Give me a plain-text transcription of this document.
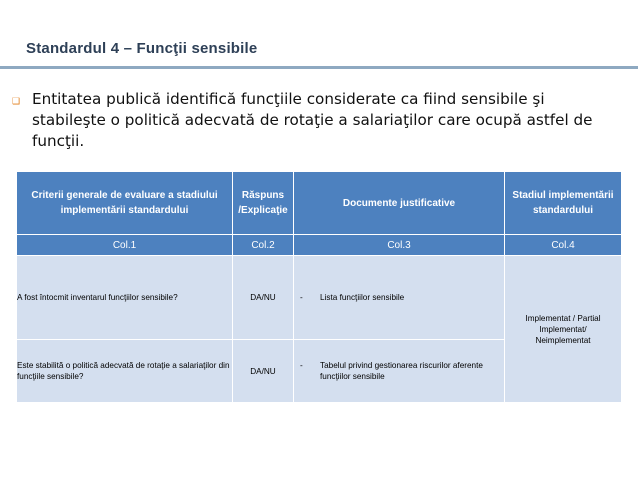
Standardul 4 – Funcţii sensibile
❑ Entitatea publică identifică funcţiile considerate ca fiind sensibile şi stabileşte o politică adecvată de rotaţie a salariaţilor care ocupă astfel de funcţii.

Criterii generale de evaluare a stadiului implementării standardului	Răspuns /Explicaţie	Documente justificative	Stadiul implementării standardului
Col.1	Col.2	Col.3	Col.4
A fost întocmit inventarul funcţiilor sensibile?	DA/NU	- Lista funcţiilor sensibile	Implementat / Partial Implementat/ Neimplementat

Este stabilită o politică adecvată de rotaţie a salariaţilor din funcţiile sensibile?	DA/NU	- Tabelul privind gestionarea riscurilor aferente funcţiilor sensibile	
